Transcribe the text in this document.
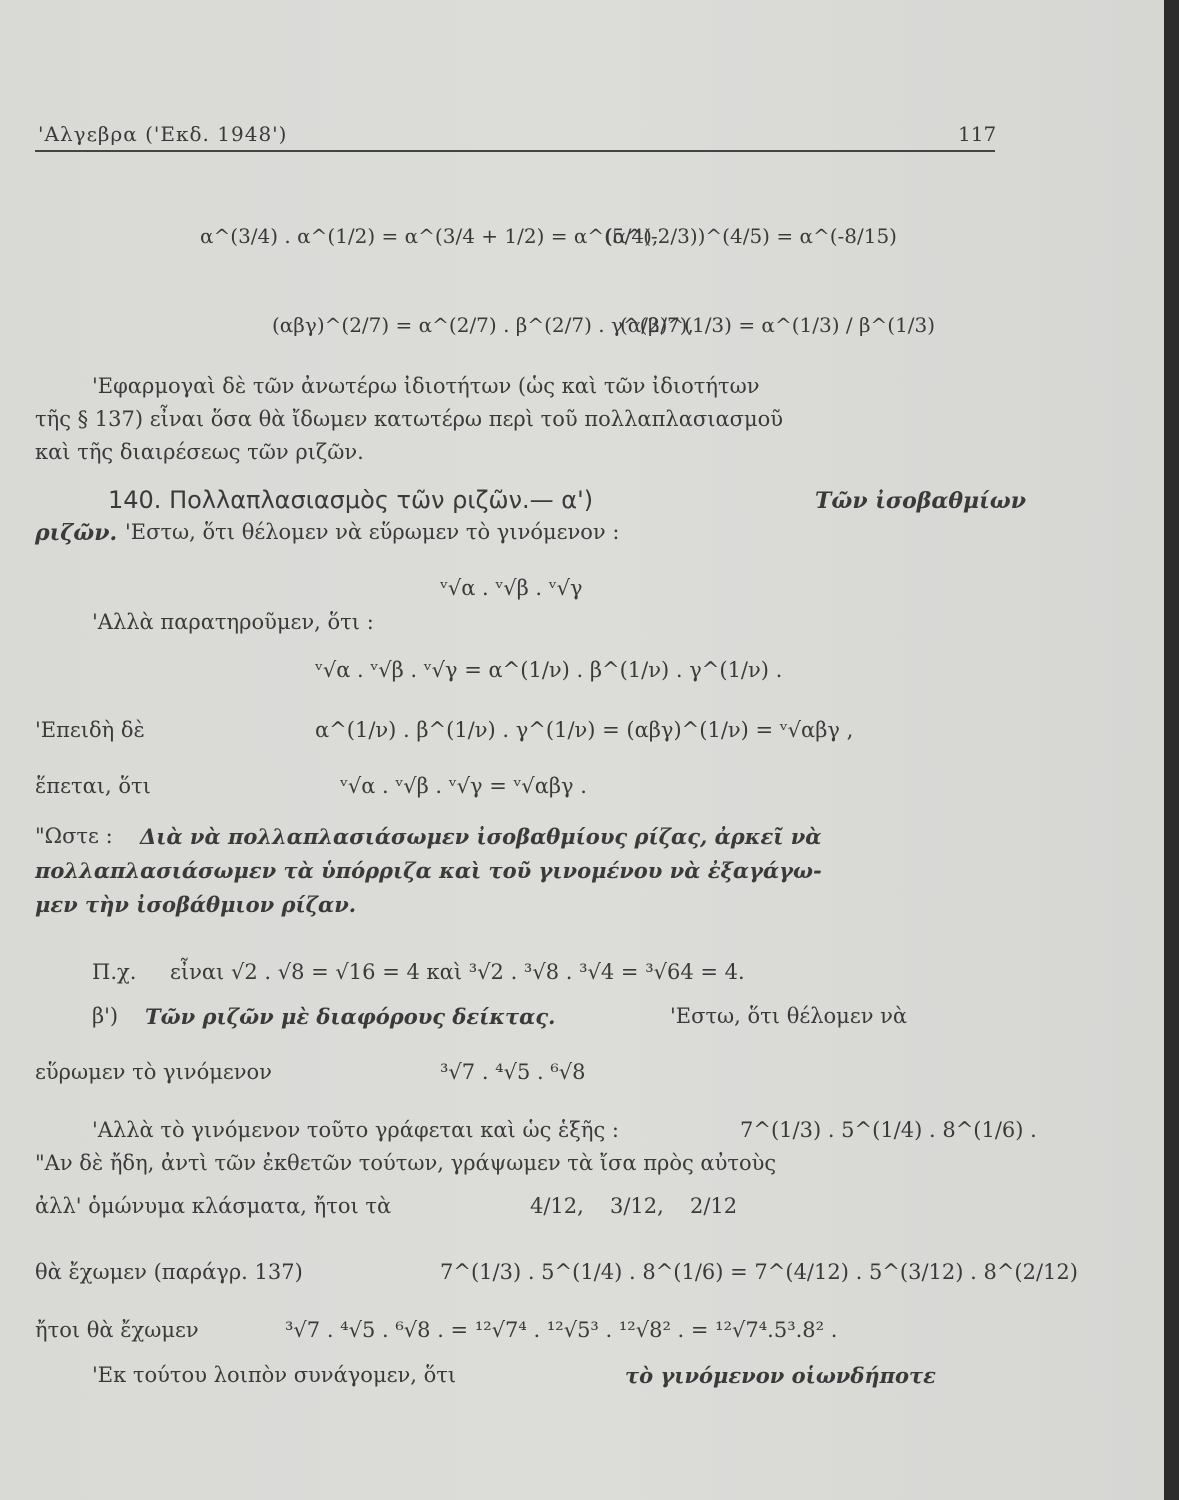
'Αλγεβρα ('Εκδ. 1948')	117
α^(3/4) . α^(1/2) = α^(3/4 + 1/2) = α^(5/4),
(α^(-2/3))^(4/5) = α^(-8/15)
(αβγ)^(2/7) = α^(2/7) . β^(2/7) . γ^(2/7),
(α/β)^(1/3) = α^(1/3) / β^(1/3)
'Εφαρμογαὶ δὲ τῶν ἀνωτέρω ἰδιοτήτων (ὡς καὶ τῶν ἰδιοτήτων
τῆς § 137) εἶναι ὅσα θὰ ἴδωμεν κατωτέρω περὶ τοῦ πολλαπλασιασμοῦ
καὶ τῆς διαιρέσεως τῶν ριζῶν.
140. Πολλαπλασιασμὸς τῶν ριζῶν.— α')	Τῶν ἰσοβαθμίων
ριζῶν. 'Εστω, ὅτι θέλομεν νὰ εὕρωμεν τὸ γινόμενον :
ᵛ√α . ᵛ√β . ᵛ√γ
'Αλλὰ παρατηροῦμεν, ὅτι :
ᵛ√α . ᵛ√β . ᵛ√γ = α^(1/ν) . β^(1/ν) . γ^(1/ν) .
'Επειδὴ δὲ	α^(1/ν) . β^(1/ν) . γ^(1/ν) = (αβγ)^(1/ν) = ᵛ√αβγ ,
ἕπεται, ὅτι	ᵛ√α . ᵛ√β . ᵛ√γ = ᵛ√αβγ .
"Ωστε : Διὰ νὰ πολλαπλασιάσωμεν ἰσοβαθμίους ρίζας, ἀρκεῖ νὰ
πολλαπλασιάσωμεν τὰ ὑπόρριζα καὶ τοῦ γινομένου νὰ ἐξαγάγω-
μεν τὴν ἰσοβάθμιον ρίζαν.
Π.χ. εἶναι √2 . √8 = √16 = 4 καὶ ³√2 . ³√8 . ³√4 = ³√64 = 4.
β') Τῶν ριζῶν μὲ διαφόρους δείκτας.	'Εστω, ὅτι θέλομεν νὰ
εὕρωμεν τὸ γινόμενον	³√7 . ⁴√5 . ⁶√8
'Αλλὰ τὸ γινόμενον τοῦτο γράφεται καὶ ὡς ἑξῆς :	7^(1/3) . 5^(1/4) . 8^(1/6) .
"Αν δὲ ἤδη, ἀντὶ τῶν ἐκθετῶν τούτων, γράψωμεν τὰ ἴσα πρὸς αὐτοὺς
ἀλλ' ὁμώνυμα κλάσματα, ἤτοι τὰ	4/12, 3/12, 2/12
θὰ ἔχωμεν (παράγρ. 137)	7^(1/3) . 5^(1/4) . 8^(1/6) = 7^(4/12) . 5^(3/12) . 8^(2/12)
ἤτοι θὰ ἔχωμεν	³√7 . ⁴√5 . ⁶√8 . = ¹²√7⁴ . ¹²√5³ . ¹²√8² . = ¹²√7⁴.5³.8² .
'Εκ τούτου λοιπὸν συνάγομεν, ὅτι	τὸ γινόμενον οἱωνδήποτε
